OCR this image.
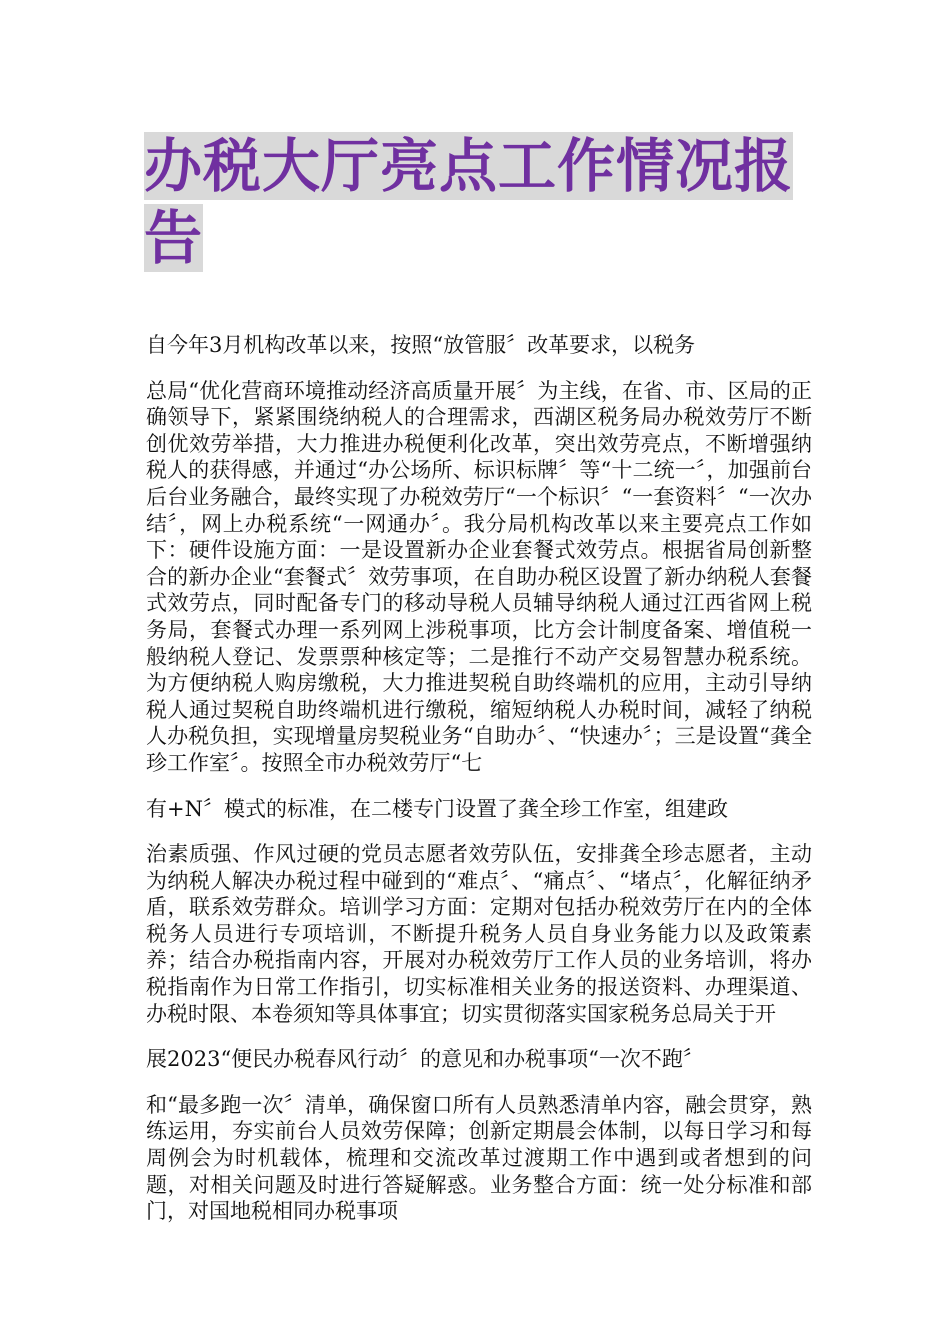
办税大厅亮点工作情况报告

自今年3月机构改革以来，按照“放管服〞改革要求，以税务

总局“优化营商环境推动经济高质量开展〞为主线，在省、市、区局的正确领导下，紧紧围绕纳税人的合理需求，西湖区税务局办税效劳厅不断创优效劳举措，大力推进办税便利化改革，突出效劳亮点，不断增强纳税人的获得感，并通过“办公场所、标识标牌〞等“十二统一〞，加强前台后台业务融合，最终实现了办税效劳厅“一个标识〞“一套资料〞“一次办结〞，网上办税系统“一网通办〞。我分局机构改革以来主要亮点工作如下：硬件设施方面：一是设置新办企业套餐式效劳点。根据省局创新整合的新办企业“套餐式〞效劳事项，在自助办税区设置了新办纳税人套餐式效劳点，同时配备专门的移动导税人员辅导纳税人通过江西省网上税务局，套餐式办理一系列网上涉税事项，比方会计制度备案、增值税一般纳税人登记、发票票种核定等；二是推行不动产交易智慧办税系统。为方便纳税人购房缴税，大力推进契税自助终端机的应用，主动引导纳税人通过契税自助终端机进行缴税，缩短纳税人办税时间，减轻了纳税人办税负担，实现增量房契税业务“自助办〞、“快速办〞；三是设置“龚全珍工作室〞。按照全市办税效劳厅“七

有+N〞模式的标准，在二楼专门设置了龚全珍工作室，组建政

治素质强、作风过硬的党员志愿者效劳队伍，安排龚全珍志愿者，主动为纳税人解决办税过程中碰到的“难点〞、“痛点〞、“堵点〞，化解征纳矛盾，联系效劳群众。培训学习方面：定期对包括办税效劳厅在内的全体税务人员进行专项培训，不断提升税务人员自身业务能力以及政策素养；结合办税指南内容，开展对办税效劳厅工作人员的业务培训，将办税指南作为日常工作指引，切实标准相关业务的报送资料、办理渠道、办税时限、本卷须知等具体事宜；切实贯彻落实国家税务总局关于开

展2023“便民办税春风行动〞的意见和办税事项“一次不跑〞

和“最多跑一次〞清单，确保窗口所有人员熟悉清单内容，融会贯穿，熟练运用，夯实前台人员效劳保障；创新定期晨会体制，以每日学习和每周例会为时机载体，梳理和交流改革过渡期工作中遇到或者想到的问题，对相关问题及时进行答疑解惑。业务整合方面：统一处分标准和部门，对国地税相同办税事项
